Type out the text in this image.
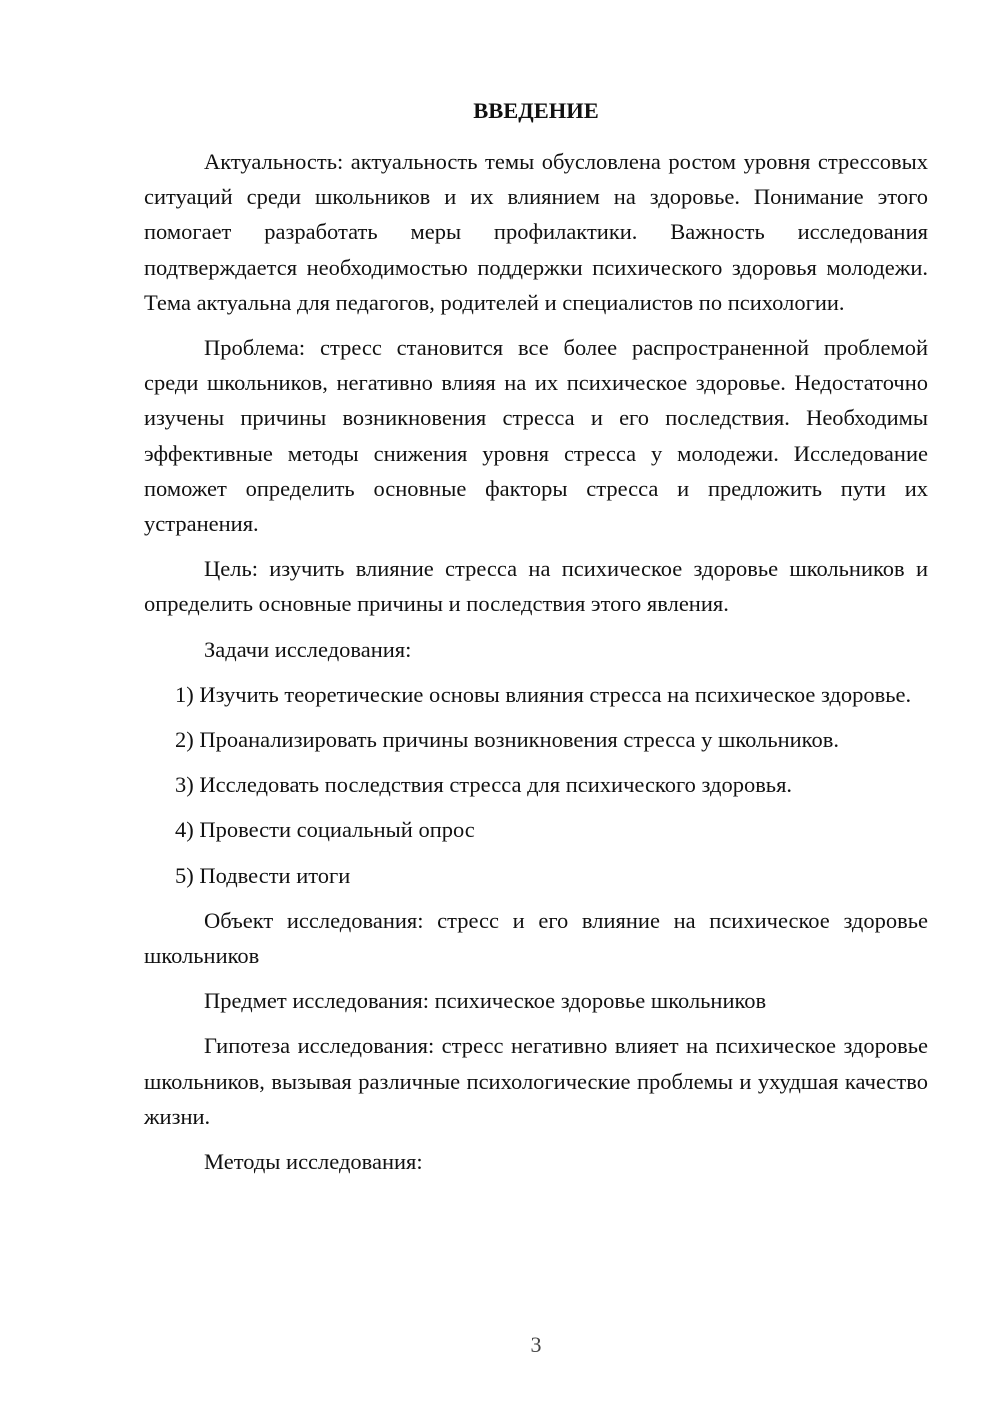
ВВЕДЕНИЕ

Актуальность: актуальность темы обусловлена ростом уровня стрессовых ситуаций среди школьников и их влиянием на здоровье. Понимание этого помогает разработать меры профилактики. Важность исследования подтверждается необходимостью поддержки психического здоровья молодежи. Тема актуальна для педагогов, родителей и специалистов по психологии.

Проблема: стресс становится все более распространенной проблемой среди школьников, негативно влияя на их психическое здоровье. Недостаточно изучены причины возникновения стресса и его последствия. Необходимы эффективные методы снижения уровня стресса у молодежи. Исследование поможет определить основные факторы стресса и предложить пути их устранения.

Цель: изучить влияние стресса на психическое здоровье школьников и определить основные причины и последствия этого явления.

Задачи исследования:

1) Изучить теоретические основы влияния стресса на психическое здоровье.

2) Проанализировать причины возникновения стресса у школьников.

3) Исследовать последствия стресса для психического здоровья.

4) Провести социальный опрос

5) Подвести итоги

Объект исследования: стресс и его влияние на психическое здоровье школьников

Предмет исследования: психическое здоровье школьников

Гипотеза исследования: стресс негативно влияет на психическое здоровье школьников, вызывая различные психологические проблемы и ухудшая качество жизни.

Методы исследования:

3
